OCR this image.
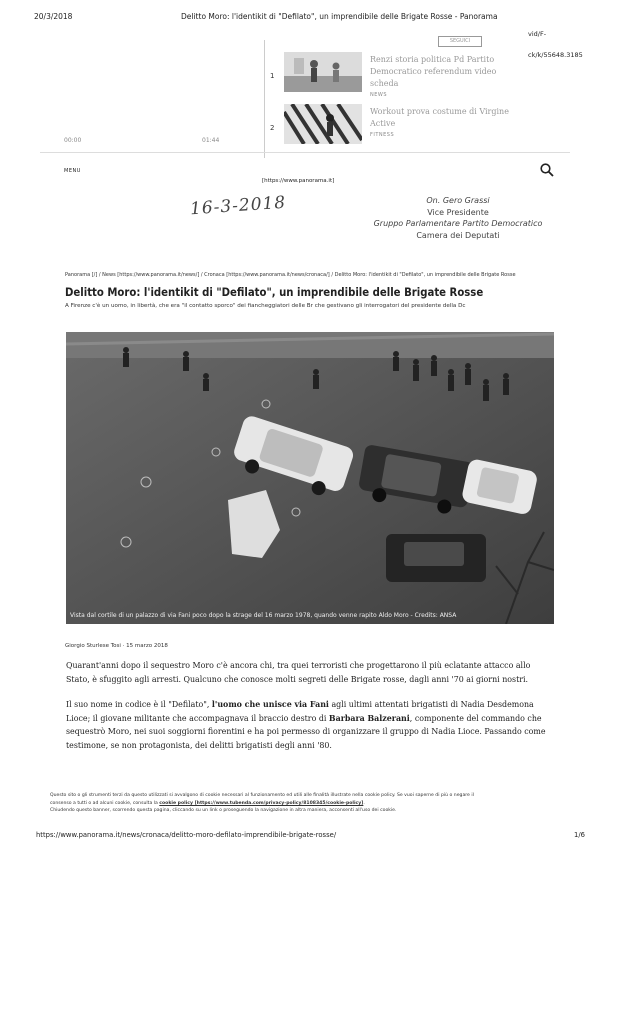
20/3/2018	Delitto Moro: l'identikit di "Defilato", un imprendibile delle Brigate Rosse - Panorama
SEGUICI
vid/F-
ck/k/55648.3185
00:00	01:44
1
Renzi storia politica Pd Partito Democratico referendum video scheda
NEWS
2
Workout prova costume di Virgine Active
FITNESS
MENU
[https://www.panorama.it]
16-3-2018	On. Gero Grassi
Vice Presidente
Gruppo Parlamentare Partito Democratico
Camera dei Deputati
Panorama [/] / News [https://www.panorama.it/news/] / Cronaca [https://www.panorama.it/news/cronaca/] / Delitto Moro: l'identikit di "Defilato", un imprendibile delle Brigate Rosse
Delitto Moro: l'identikit di "Defilato", un imprendibile delle Brigate Rosse
A Firenze c'è un uomo, in libertà, che era "il contatto sporco" dei fiancheggiatori delle Br che gestivano gli interrogatori del presidente della Dc
Vista dal cortile di un palazzo di via Fani poco dopo la strage del 16 marzo 1978, quando venne rapito Aldo Moro - Credits: ANSA
Giorgio Sturlese Tosi · 15 marzo 2018
Quarant'anni dopo il sequestro Moro c'è ancora chi, tra quei terroristi che progettarono il più eclatante attacco allo Stato, è sfuggito agli arresti. Qualcuno che conosce molti segreti delle Brigate rosse, dagli anni '70 ai giorni nostri.
Il suo nome in codice è il "Defilato", l'uomo che unisce via Fani agli ultimi attentati brigatisti di Nadia Desdemona Lioce; il giovane militante che accompagnava il braccio destro di Barbara Balzerani, componente del commando che sequestrò Moro, nei suoi soggiorni fiorentini e ha poi permesso di organizzare il gruppo di Nadia Lioce. Passando come testimone, se non protagonista, dei delitti brigatisti degli anni '80.
Questo sito o gli strumenti terzi da questo utilizzati si avvalgono di cookie necessari al funzionamento ed utili alle finalità illustrate nella cookie policy. Se vuoi saperne di più o negare il
consenso a tutti o ad alcuni cookie, consulta la cookie policy [https://www.tubenda.com/privacy-policy/8108345/cookie-policy].
Chiudendo questo banner, scorrendo questa pagina, cliccando su un link o proseguendo la navigazione in altra maniera, acconsenti all'uso dei cookie.
https://www.panorama.it/news/cronaca/delitto-moro-defilato-imprendibile-brigate-rosse/	1/6
